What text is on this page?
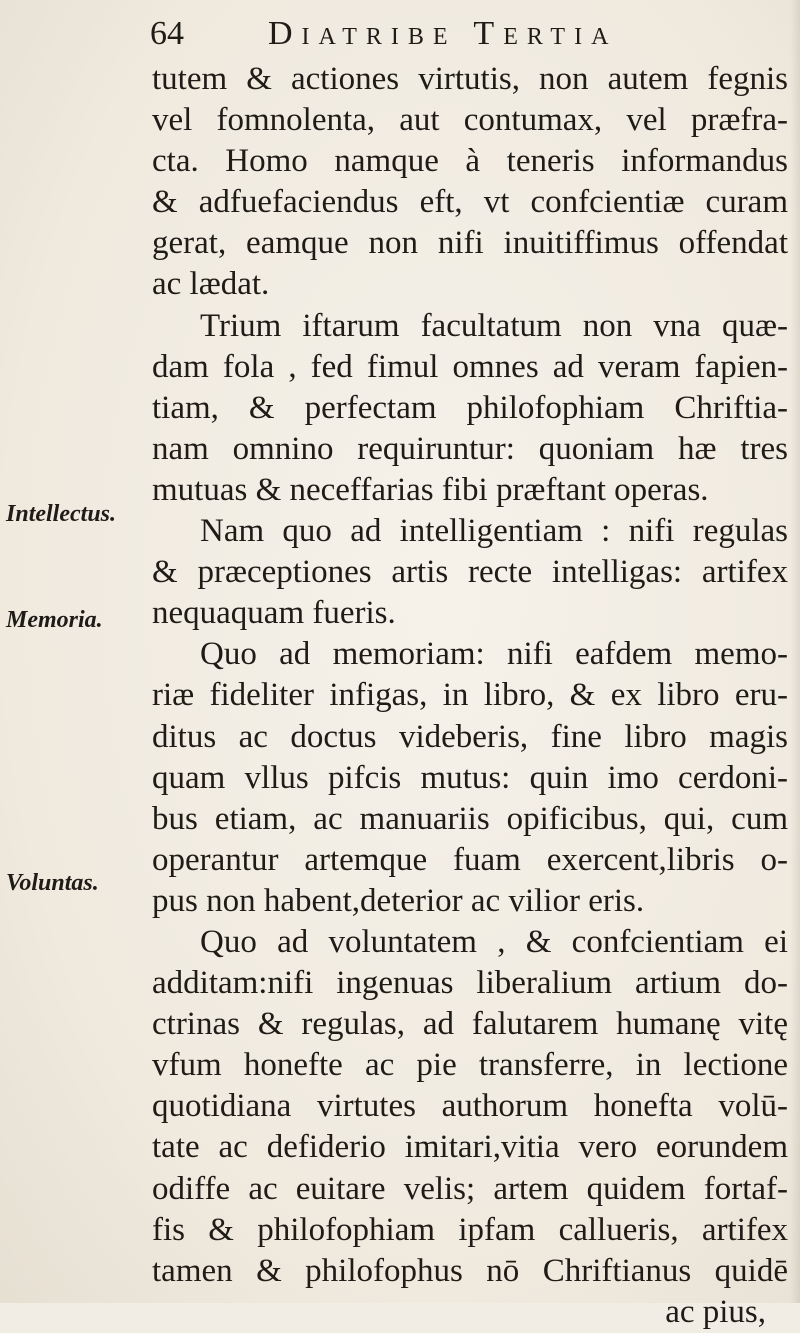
64 Diatribe Tertia
Intellectus.
Memoria.
Voluntas.
tutem & actiones virtutis, non autem fegnis
vel fomnolenta, aut contumax, vel præfra-
cta. Homo namque à teneris informandus
& adfuefaciendus eft, vt confcientiæ curam
gerat, eamque non nifi inuitiffimus offendat
ac lædat.
Trium iftarum facultatum non vna quæ-
dam fola , fed fimul omnes ad veram fapien-
tiam, & perfectam philofophiam Chriftia-
nam omnino requiruntur: quoniam hæ tres
mutuas & neceffarias fibi præftant operas.
Nam quo ad intelligentiam : nifi regulas
& præceptiones artis recte intelligas: artifex
nequaquam fueris.
Quo ad memoriam: nifi eafdem memo-
riæ fideliter infigas, in libro, & ex libro eru-
ditus ac doctus videberis, fine libro magis
quam vllus pifcis mutus: quin imo cerdoni-
bus etiam, ac manuariis opificibus, qui, cum
operantur artemque fuam exercent,libris o-
pus non habent,deterior ac vilior eris.
Quo ad voluntatem , & confcientiam ei
additam:nifi ingenuas liberalium artium do-
ctrinas & regulas, ad falutarem humanę vitę
vfum honefte ac pie transferre, in lectione
quotidiana virtutes authorum honefta volū-
tate ac defiderio imitari,vitia vero eorundem
odiffe ac euitare velis; artem quidem fortaf-
fis & philofophiam ipfam callueris, artifex
tamen & philofophus nō Chriftianus quidē
ac pius,
